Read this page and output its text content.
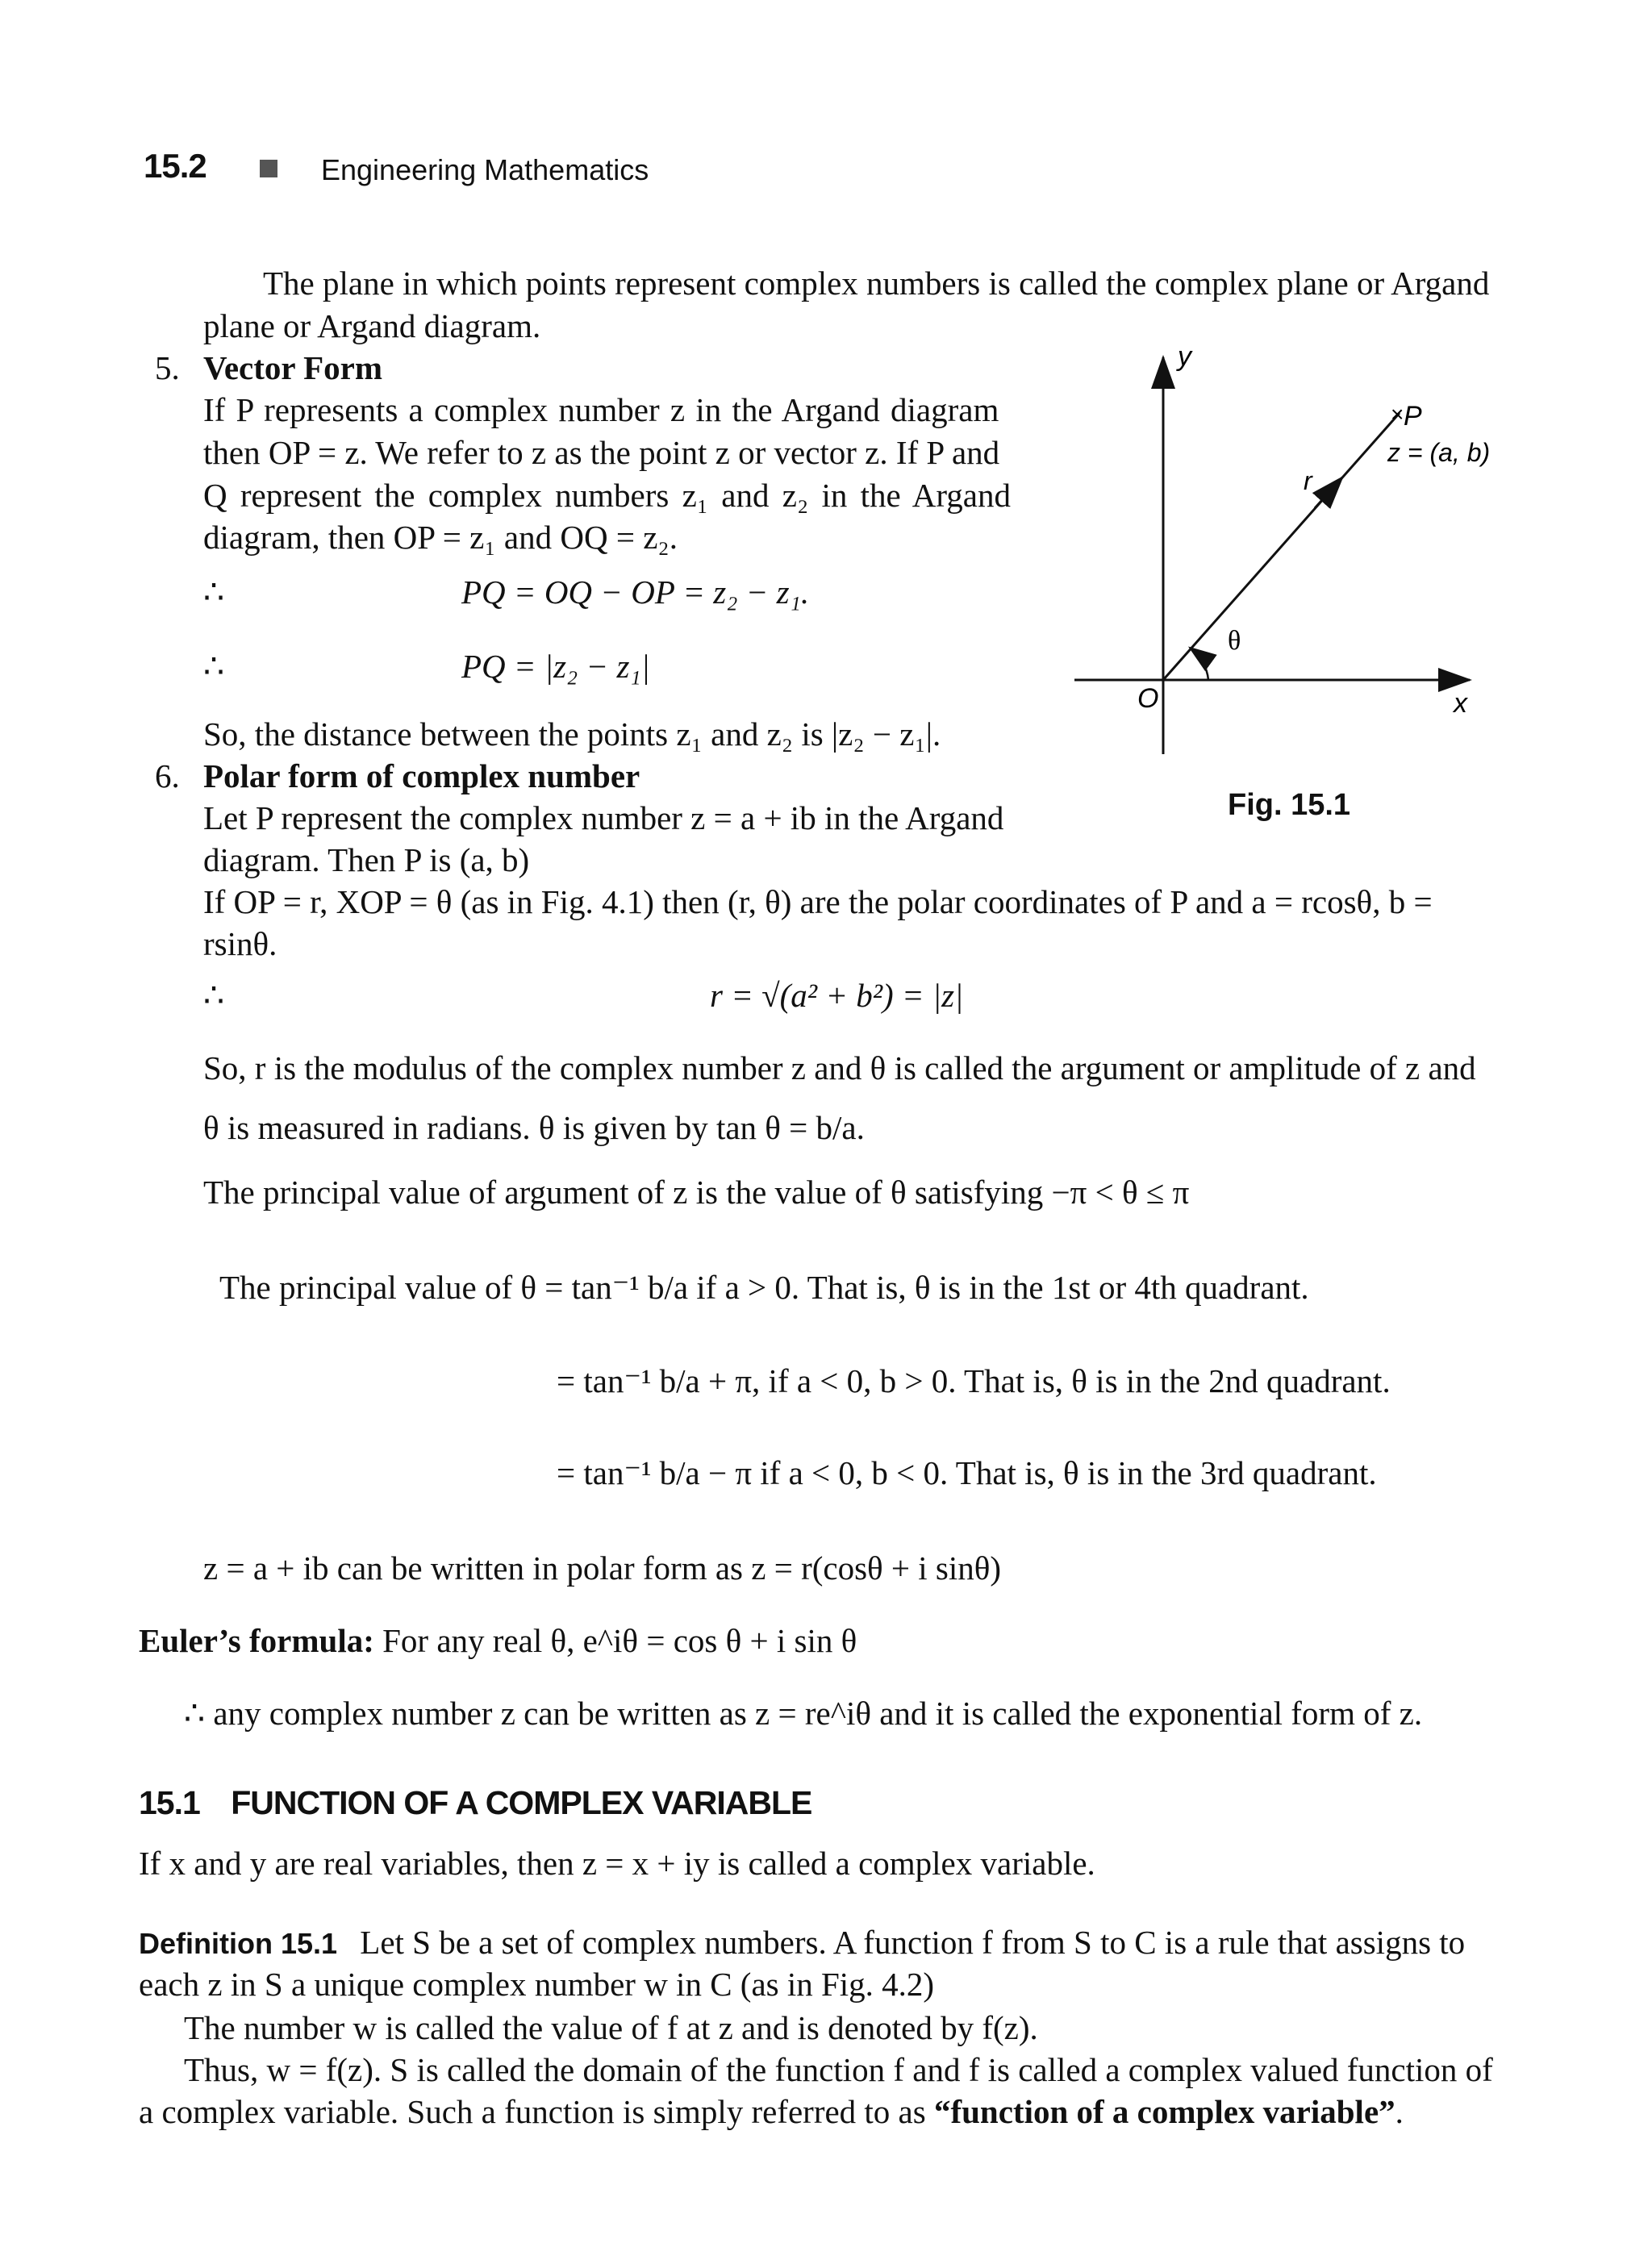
15.2	Engineering Mathematics
The plane in which points represent complex numbers is called the complex plane or Argand
plane or Argand diagram.
5. Vector Form
If P represents a complex number z in the Argand diagram
then OP = z. We refer to z as the point z or vector z. If P and
Q represent the complex numbers z₁ and z₂ in the Argand
diagram, then OP = z₁ and OQ = z₂.
∴	PQ = OQ − OP = z₂ − z₁.
∴	PQ = |z₂ − z₁|
So, the distance between the points z₁ and z₂ is |z₂ − z₁|.
6. Polar form of complex number
Let P represent the complex number z = a + ib in the Argand
diagram. Then P is (a, b)
If OP = r, XOP = θ (as in Fig. 4.1) then (r, θ) are the polar coordinates of P and a = rcosθ, b =
rsinθ.
∴	r = √(a² + b²) = |z|
So, r is the modulus of the complex number z and θ is called the argument or amplitude of z and
θ is measured in radians. θ is given by tan θ = b/a.
The principal value of argument of z is the value of θ satisfying −π < θ ≤ π
The principal value of θ = tan⁻¹ b/a if a > 0. That is, θ is in the 1st or 4th quadrant.
= tan⁻¹ b/a + π, if a < 0, b > 0. That is, θ is in the 2nd quadrant.
= tan⁻¹ b/a − π if a < 0, b < 0. That is, θ is in the 3rd quadrant.
z = a + ib can be written in polar form as z = r(cosθ + i sinθ)
Euler’s formula: For any real θ, e^iθ = cos θ + i sin θ
∴ any complex number z can be written as z = re^iθ and it is called the exponential form of z.
15.1 FUNCTION OF A COMPLEX VARIABLE
If x and y are real variables, then z = x + iy is called a complex variable.
Definition 15.1 Let S be a set of complex numbers. A function f from S to C is a rule that assigns to
each z in S a unique complex number w in C (as in Fig. 4.2)
The number w is called the value of f at z and is denoted by f(z).
Thus, w = f(z). S is called the domain of the function f and f is called a complex valued function of
a complex variable. Such a function is simply referred to as “function of a complex variable”.
y
x
O
P
×
z = (a, b)
r
θ
Fig. 15.1
